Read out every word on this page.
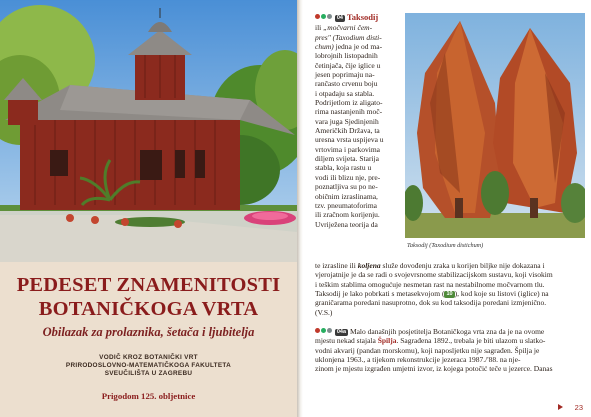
PEDESET ZNAMENITOSTI
BOTANIČKOGA VRTA
Obilazak za prolaznika, šetača i ljubitelja
VODIČ KROZ BOTANIČKI VRT
PRIRODOSLOVNO-MATEMATIČKOGA FAKULTETA
SVEUČILIŠTA U ZAGREBU
Prigodom 125. obljetnice
04 Taksodij
ili „močvarni čem-
pres" (Taxodium disti-
chum) jedna je od ma-
lobrojnih listopadnih
četinjača, čije iglice u
jesen poprimaju na-
rančasto crvenu boju
i otpadaju sa stabla.
Podrijetlom iz aligato-
rima nastanjenih moč-
vara juga Sjedinjenih
Američkih Država, ta
uresna vrsta uspijeva u
vrtovima i parkovima
diljem svijeta. Starija
stabla, koja rastu u
vodi ili blizu nje, pre-
poznatljiva su po ne-
običnim izraslinama,
tzv. pneumatoforima
ili zračnom korijenju.
Uvriježena teorija da
Taksodij (Taxodium distichum)
te izrasline ili koljena služe dovođenju zraka u korijen biljke nije dokazana i
vjerojatnije je da se radi o svojevrsnome stabilizacijskom sustavu, koji visokim
i teškim stablima omogućuje nesmetan rast na nestabilnome močvarnom tlu.
Taksodij je lako pobrkati s metasekvojom ( 10 ), kod koje su listovi (iglice) na
graničarama poredani nasuprotno, dok su kod taksodija poredani izmjenično.
(V.S.)
04a Malo današnjih posjetitelja Botaničkoga vrta zna da je na ovome
mjestu nekad stajala Špilja. Sagrađena 1892., trebala je biti ulazom u slatko-
vodni akvarij (pandan morskomu), koji naposljetku nije sagrađen. Špilja je
uklonjena 1963., a tijekom rekonstrukcije jezeraca 1987./'88. na nje-
zinom je mjestu izgrađen umjetni izvor, iz kojega potočić teče u jezerce. Danas
23
